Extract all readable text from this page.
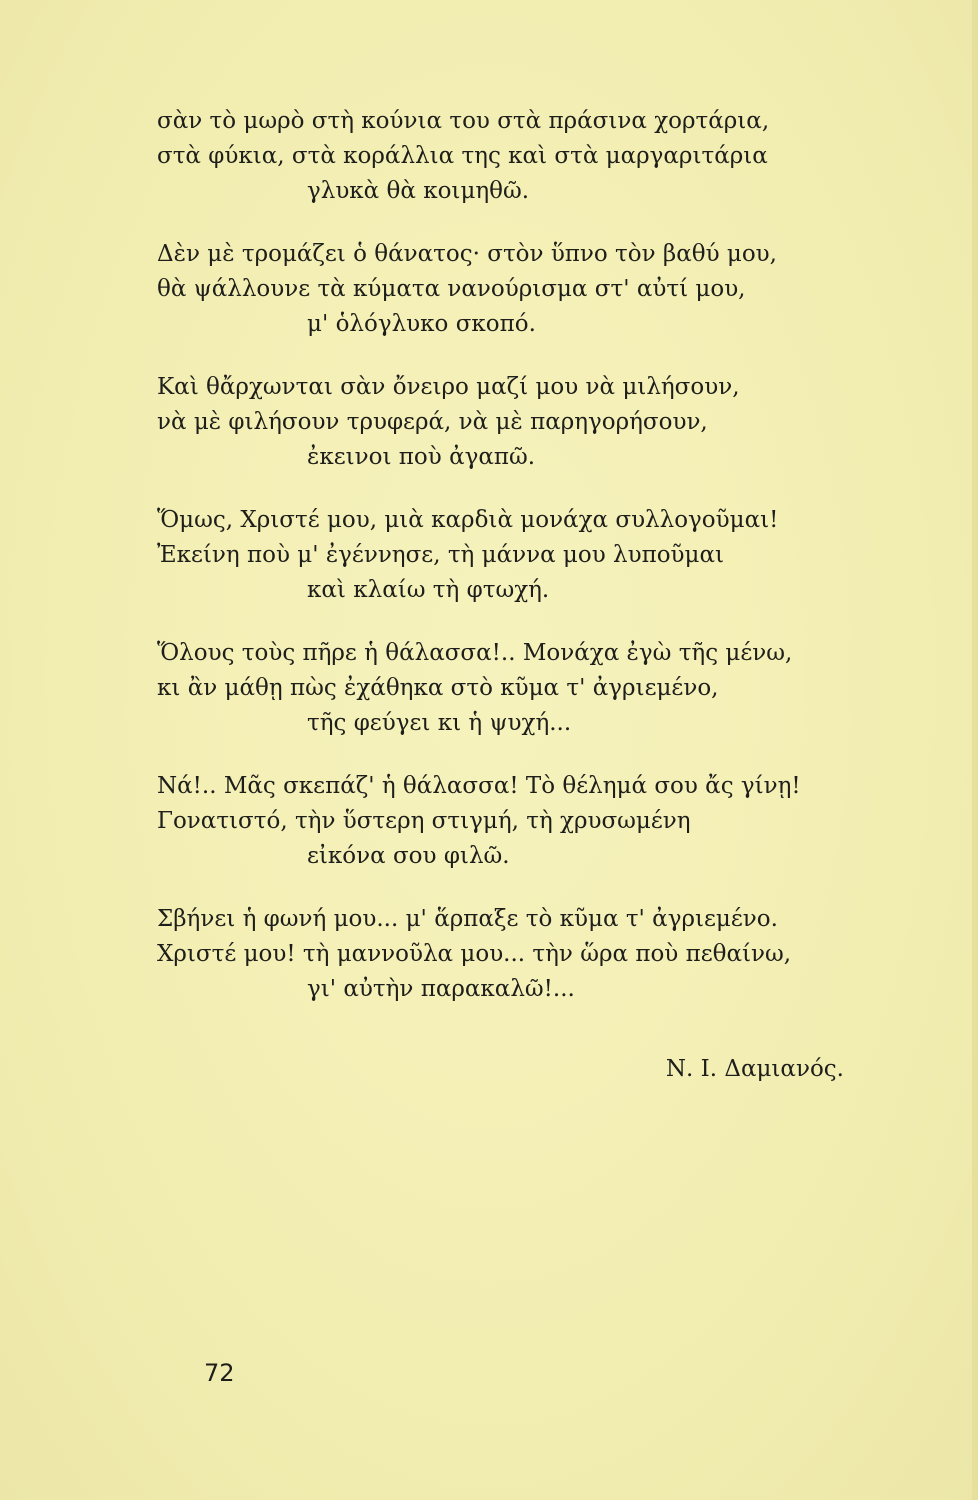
σὰν τὸ μωρὸ στὴ κούνια του στὰ πράσινα χορτάρια,
στὰ φύκια, στὰ κοράλλια της καὶ στὰ μαργαριτάρια
γλυκὰ θὰ κοιμηθῶ.
Δὲν μὲ τρομάζει ὁ θάνατος· στὸν ὕπνο τὸν βαθύ μου,
θὰ ψάλλουνε τὰ κύματα νανούρισμα στ' αὐτί μου,
μ' ὁλόγλυκο σκοπό.
Καὶ θἄρχωνται σὰν ὄνειρο μαζί μου νὰ μιλήσουν,
νὰ μὲ φιλήσουν τρυφερά, νὰ μὲ παρηγορήσουν,
ἐκεινοι ποὺ ἀγαπῶ.
Ὅμως, Χριστέ μου, μιὰ καρδιὰ μονάχα συλλογοῦμαι!
Ἐκείνη ποὺ μ' ἐγέννησε, τὴ μάννα μου λυποῦμαι
καὶ κλαίω τὴ φτωχή.
Ὅλους τοὺς πῆρε ἡ θάλασσα!.. Μονάχα ἐγὼ τῆς μένω,
κι ἂν μάθῃ πὼς ἐχάθηκα στὸ κῦμα τ' ἀγριεμένο,
τῆς φεύγει κι ἡ ψυχή...
Νά!.. Μᾶς σκεπάζ' ἡ θάλασσα! Τὸ θέλημά σου ἄς γίνῃ!
Γονατιστό, τὴν ὕστερη στιγμή, τὴ χρυσωμένη
εἰκόνα σου φιλῶ.
Σβήνει ἡ φωνή μου... μ' ἅρπαξε τὸ κῦμα τ' ἀγριεμένο.
Χριστέ μου! τὴ μαννοῦλα μου... τὴν ὥρα ποὺ πεθαίνω,
γι' αὐτὴν παρακαλῶ!...
Ν. Ι. Δαμιανός.
72
